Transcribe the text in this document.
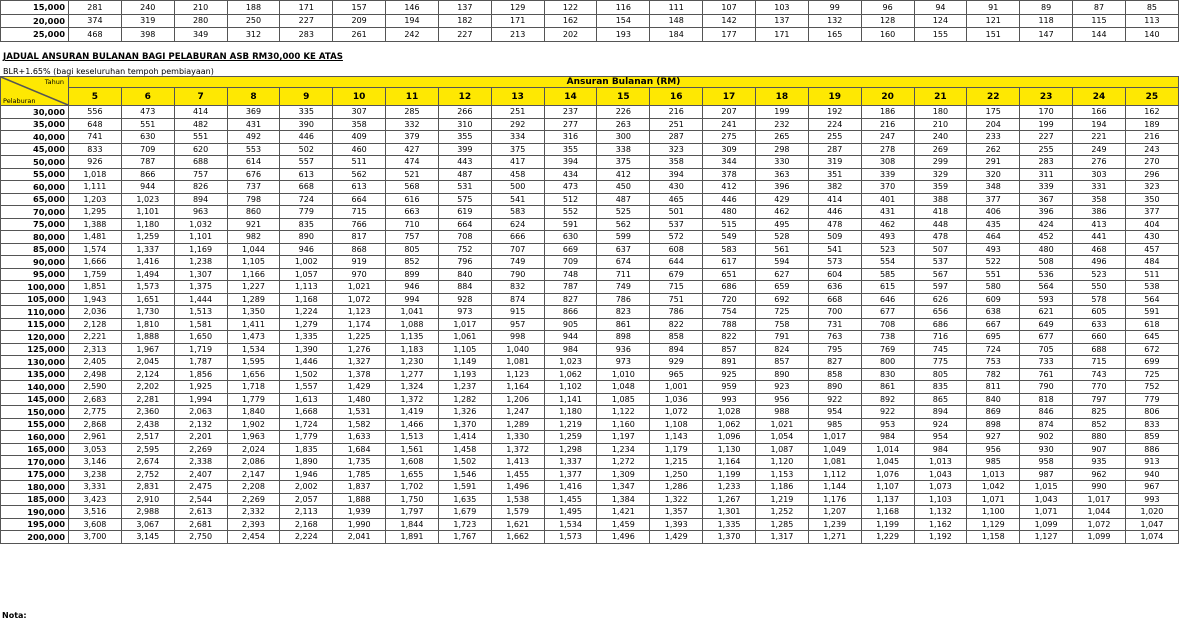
15,000	281	240	210	188	171	157	146	137	129	122	116	111	107	103	99	96	94	91	89	87	85
20,000	374	319	280	250	227	209	194	182	171	162	154	148	142	137	132	128	124	121	118	115	113
25,000	468	398	349	312	283	261	242	227	213	202	193	184	177	171	165	160	155	151	147	144	140
JADUAL ANSURAN BULANAN BAGI PELABURAN ASB RM30,000 KE ATAS
BLR+1.65% (bagi keseluruhan tempoh pembiayaan)
Tahun
Pelaburan	Ansuran Bulanan (RM)																				
	5	6	7	8	9	10	11	12	13	14	15	16	17	18	19	20	21	22	23	24	25
30,000	556	473	414	369	335	307	285	266	251	237	226	216	207	199	192	186	180	175	170	166	162
35,000	648	551	482	431	390	358	332	310	292	277	263	251	241	232	224	216	210	204	199	194	189
40,000	741	630	551	492	446	409	379	355	334	316	300	287	275	265	255	247	240	233	227	221	216
45,000	833	709	620	553	502	460	427	399	375	355	338	323	309	298	287	278	269	262	255	249	243
50,000	926	787	688	614	557	511	474	443	417	394	375	358	344	330	319	308	299	291	283	276	270
55,000	1,018	866	757	676	613	562	521	487	458	434	412	394	378	363	351	339	329	320	311	303	296
60,000	1,111	944	826	737	668	613	568	531	500	473	450	430	412	396	382	370	359	348	339	331	323
65,000	1,203	1,023	894	798	724	664	616	575	541	512	487	465	446	429	414	401	388	377	367	358	350
70,000	1,295	1,101	963	860	779	715	663	619	583	552	525	501	480	462	446	431	418	406	396	386	377
75,000	1,388	1,180	1,032	921	835	766	710	664	624	591	562	537	515	495	478	462	448	435	424	413	404
80,000	1,481	1,259	1,101	982	890	817	757	708	666	630	599	572	549	528	509	493	478	464	452	441	430
85,000	1,574	1,337	1,169	1,044	946	868	805	752	707	669	637	608	583	561	541	523	507	493	480	468	457
90,000	1,666	1,416	1,238	1,105	1,002	919	852	796	749	709	674	644	617	594	573	554	537	522	508	496	484
95,000	1,759	1,494	1,307	1,166	1,057	970	899	840	790	748	711	679	651	627	604	585	567	551	536	523	511
100,000	1,851	1,573	1,375	1,227	1,113	1,021	946	884	832	787	749	715	686	659	636	615	597	580	564	550	538
105,000	1,943	1,651	1,444	1,289	1,168	1,072	994	928	874	827	786	751	720	692	668	646	626	609	593	578	564
110,000	2,036	1,730	1,513	1,350	1,224	1,123	1,041	973	915	866	823	786	754	725	700	677	656	638	621	605	591
115,000	2,128	1,810	1,581	1,411	1,279	1,174	1,088	1,017	957	905	861	822	788	758	731	708	686	667	649	633	618
120,000	2,221	1,888	1,650	1,473	1,335	1,225	1,135	1,061	998	944	898	858	822	791	763	738	716	695	677	660	645
125,000	2,313	1,967	1,719	1,534	1,390	1,276	1,183	1,105	1,040	984	936	894	857	824	795	769	745	724	705	688	672
130,000	2,405	2,045	1,787	1,595	1,446	1,327	1,230	1,149	1,081	1,023	973	929	891	857	827	800	775	753	733	715	699
135,000	2,498	2,124	1,856	1,656	1,502	1,378	1,277	1,193	1,123	1,062	1,010	965	925	890	858	830	805	782	761	743	725
140,000	2,590	2,202	1,925	1,718	1,557	1,429	1,324	1,237	1,164	1,102	1,048	1,001	959	923	890	861	835	811	790	770	752
145,000	2,683	2,281	1,994	1,779	1,613	1,480	1,372	1,282	1,206	1,141	1,085	1,036	993	956	922	892	865	840	818	797	779
150,000	2,775	2,360	2,063	1,840	1,668	1,531	1,419	1,326	1,247	1,180	1,122	1,072	1,028	988	954	922	894	869	846	825	806
155,000	2,868	2,438	2,132	1,902	1,724	1,582	1,466	1,370	1,289	1,219	1,160	1,108	1,062	1,021	985	953	924	898	874	852	833
160,000	2,961	2,517	2,201	1,963	1,779	1,633	1,513	1,414	1,330	1,259	1,197	1,143	1,096	1,054	1,017	984	954	927	902	880	859
165,000	3,053	2,595	2,269	2,024	1,835	1,684	1,561	1,458	1,372	1,298	1,234	1,179	1,130	1,087	1,049	1,014	984	956	930	907	886
170,000	3,146	2,674	2,338	2,086	1,890	1,735	1,608	1,502	1,413	1,337	1,272	1,215	1,164	1,120	1,081	1,045	1,013	985	958	935	913
175,000	3,238	2,752	2,407	2,147	1,946	1,785	1,655	1,546	1,455	1,377	1,309	1,250	1,199	1,153	1,112	1,076	1,043	1,013	987	962	940
180,000	3,331	2,831	2,475	2,208	2,002	1,837	1,702	1,591	1,496	1,416	1,347	1,286	1,233	1,186	1,144	1,107	1,073	1,042	1,015	990	967
185,000	3,423	2,910	2,544	2,269	2,057	1,888	1,750	1,635	1,538	1,455	1,384	1,322	1,267	1,219	1,176	1,137	1,103	1,071	1,043	1,017	993
190,000	3,516	2,988	2,613	2,332	2,113	1,939	1,797	1,679	1,579	1,495	1,421	1,357	1,301	1,252	1,207	1,168	1,132	1,100	1,071	1,044	1,020
195,000	3,608	3,067	2,681	2,393	2,168	1,990	1,844	1,723	1,621	1,534	1,459	1,393	1,335	1,285	1,239	1,199	1,162	1,129	1,099	1,072	1,047
200,000	3,700	3,145	2,750	2,454	2,224	2,041	1,891	1,767	1,662	1,573	1,496	1,429	1,370	1,317	1,271	1,229	1,192	1,158	1,127	1,099	1,074
Nota:
